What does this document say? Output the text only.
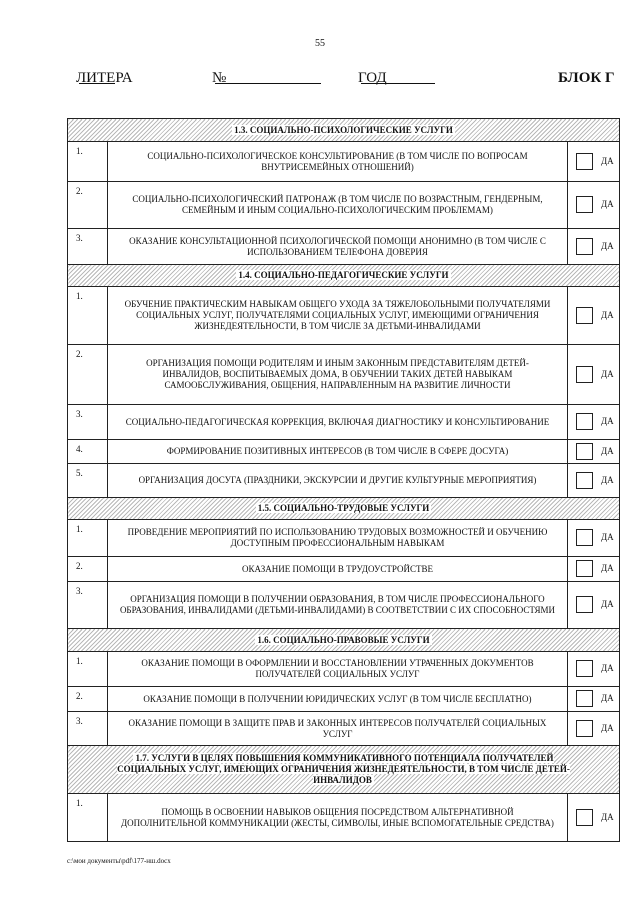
55
ЛИТЕРА	№	ГОД	БЛОК Г
1.3. СОЦИАЛЬНО-ПСИХОЛОГИЧЕСКИЕ УСЛУГИ		
1.	СОЦИАЛЬНО-ПСИХОЛОГИЧЕСКОЕ КОНСУЛЬТИРОВАНИЕ (В ТОМ ЧИСЛЕ ПО ВОПРОСАМ ВНУТРИСЕМЕЙНЫХ ОТНОШЕНИЙ)	ДА

2.	СОЦИАЛЬНО-ПСИХОЛОГИЧЕСКИЙ ПАТРОНАЖ (В ТОМ ЧИСЛЕ ПО ВОЗРАСТНЫМ, ГЕНДЕРНЫМ, СЕМЕЙНЫМ И ИНЫМ СОЦИАЛЬНО-ПСИХОЛОГИЧЕСКИМ ПРОБЛЕМАМ)	ДА

3.	ОКАЗАНИЕ КОНСУЛЬТАЦИОННОЙ ПСИХОЛОГИЧЕСКОЙ ПОМОЩИ АНОНИМНО (В ТОМ ЧИСЛЕ С ИСПОЛЬЗОВАНИЕМ ТЕЛЕФОНА ДОВЕРИЯ	ДА

1.4. СОЦИАЛЬНО-ПЕДАГОГИЧЕСКИЕ УСЛУГИ		
1.	ОБУЧЕНИЕ ПРАКТИЧЕСКИМ НАВЫКАМ ОБЩЕГО УХОДА ЗА ТЯЖЕЛОБОЛЬНЫМИ ПОЛУЧАТЕЛЯМИ СОЦИАЛЬНЫХ УСЛУГ, ПОЛУЧАТЕЛЯМИ СОЦИАЛЬНЫХ УСЛУГ, ИМЕЮЩИМИ ОГРАНИЧЕНИЯ ЖИЗНЕДЕЯТЕЛЬНОСТИ, В ТОМ ЧИСЛЕ ЗА ДЕТЬМИ-ИНВАЛИДАМИ	ДА

2.	ОРГАНИЗАЦИЯ ПОМОЩИ РОДИТЕЛЯМ И ИНЫМ ЗАКОННЫМ ПРЕДСТАВИТЕЛЯМ ДЕТЕЙ-ИНВАЛИДОВ, ВОСПИТЫВАЕМЫХ ДОМА, В ОБУЧЕНИИ ТАКИХ ДЕТЕЙ НАВЫКАМ САМООБСЛУЖИВАНИЯ, ОБЩЕНИЯ, НАПРАВЛЕННЫМ НА РАЗВИТИЕ ЛИЧНОСТИ	ДА

3.	СОЦИАЛЬНО-ПЕДАГОГИЧЕСКАЯ КОРРЕКЦИЯ, ВКЛЮЧАЯ ДИАГНОСТИКУ И КОНСУЛЬТИРОВАНИЕ	ДА

4.	ФОРМИРОВАНИЕ ПОЗИТИВНЫХ ИНТЕРЕСОВ (В ТОМ ЧИСЛЕ В СФЕРЕ ДОСУГА)	ДА

5.	ОРГАНИЗАЦИЯ ДОСУГА (ПРАЗДНИКИ, ЭКСКУРСИИ И ДРУГИЕ КУЛЬТУРНЫЕ МЕРОПРИЯТИЯ)	ДА

1.5. СОЦИАЛЬНО-ТРУДОВЫЕ УСЛУГИ		
1.	ПРОВЕДЕНИЕ МЕРОПРИЯТИЙ ПО ИСПОЛЬЗОВАНИЮ ТРУДОВЫХ ВОЗМОЖНОСТЕЙ И ОБУЧЕНИЮ ДОСТУПНЫМ ПРОФЕССИОНАЛЬНЫМ НАВЫКАМ	ДА

2.	ОКАЗАНИЕ ПОМОЩИ В ТРУДОУСТРОЙСТВЕ	ДА

3.	ОРГАНИЗАЦИЯ ПОМОЩИ В ПОЛУЧЕНИИ ОБРАЗОВАНИЯ, В ТОМ ЧИСЛЕ ПРОФЕССИОНАЛЬНОГО ОБРАЗОВАНИЯ, ИНВАЛИДАМИ (ДЕТЬМИ-ИНВАЛИДАМИ) В СООТВЕТСТВИИ С ИХ СПОСОБНОСТЯМИ	ДА

1.6. СОЦИАЛЬНО-ПРАВОВЫЕ УСЛУГИ		
1.	ОКАЗАНИЕ ПОМОЩИ В ОФОРМЛЕНИИ И ВОССТАНОВЛЕНИИ УТРАЧЕННЫХ ДОКУМЕНТОВ ПОЛУЧАТЕЛЕЙ СОЦИАЛЬНЫХ УСЛУГ	ДА

2.	ОКАЗАНИЕ ПОМОЩИ В ПОЛУЧЕНИИ ЮРИДИЧЕСКИХ УСЛУГ (В ТОМ ЧИСЛЕ БЕСПЛАТНО)	ДА

3.	ОКАЗАНИЕ ПОМОЩИ В ЗАЩИТЕ ПРАВ И ЗАКОННЫХ ИНТЕРЕСОВ ПОЛУЧАТЕЛЕЙ СОЦИАЛЬНЫХ УСЛУГ	ДА

1.7. УСЛУГИ В ЦЕЛЯХ ПОВЫШЕНИЯ КОММУНИКАТИВНОГО ПОТЕНЦИАЛА ПОЛУЧАТЕЛЕЙ СОЦИАЛЬНЫХ УСЛУГ, ИМЕЮЩИХ ОГРАНИЧЕНИЯ ЖИЗНЕДЕЯТЕЛЬНОСТИ, В ТОМ ЧИСЛЕ ДЕТЕЙ-ИНВАЛИДОВ		
1.	ПОМОЩЬ В ОСВОЕНИИ НАВЫКОВ ОБЩЕНИЯ ПОСРЕДСТВОМ АЛЬТЕРНАТИВНОЙ ДОПОЛНИТЕЛЬНОЙ КОММУНИКАЦИИ (ЖЕСТЫ, СИМВОЛЫ, ИНЫЕ ВСПОМОГАТЕЛЬНЫЕ СРЕДСТВА)	ДА
c:\мои документы\pdf\177-нш.docx
